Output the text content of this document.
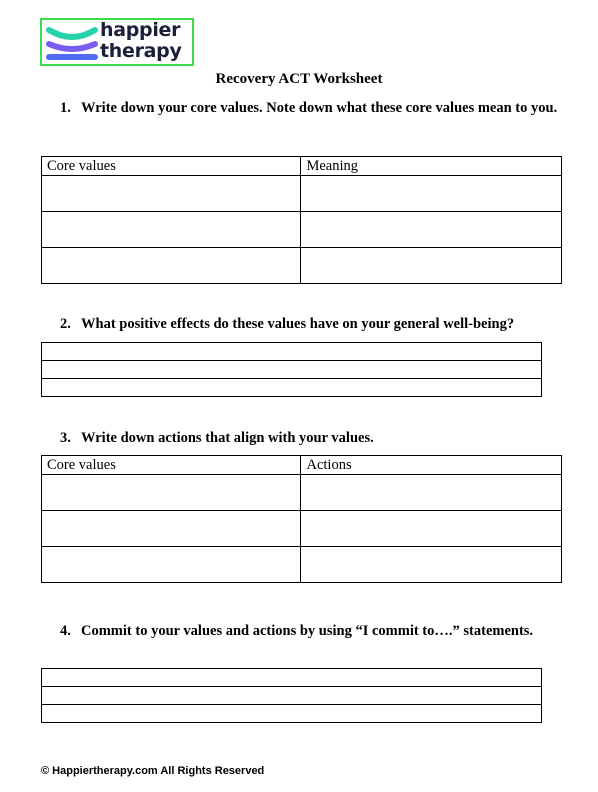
happier
therapy
Recovery ACT Worksheet
1. Write down your core values. Note down what these core values mean to you.
Core values	Meaning

2. What positive effects do these values have on your general well-being?

3. Write down actions that align with your values.
Core values	Actions

4. Commit to your values and actions by using “I commit to….” statements.

© Happiertherapy.com All Rights Reserved
